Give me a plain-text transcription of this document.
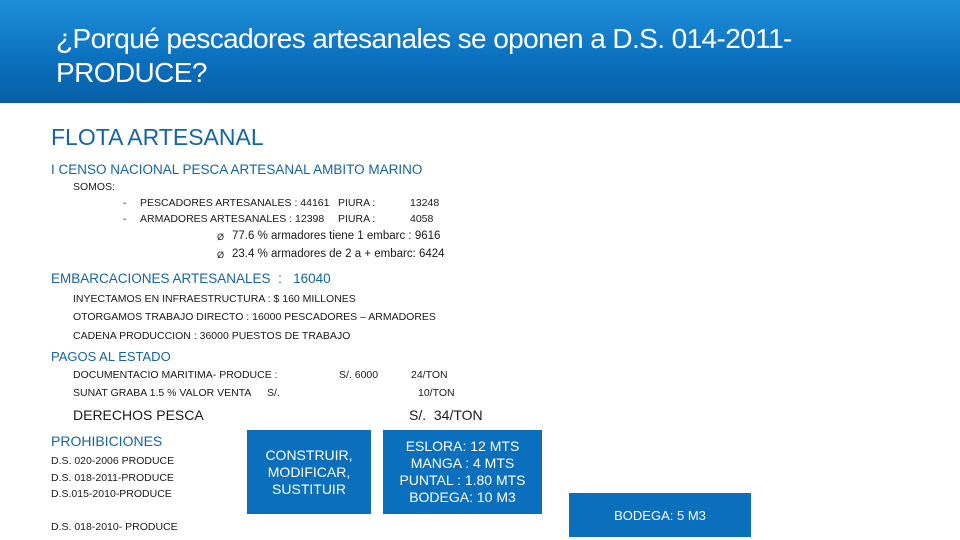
¿Porqué pescadores artesanales se oponen a D.S. 014-2011-PRODUCE?
FLOTA ARTESANAL
I CENSO NACIONAL PESCA ARTESANAL AMBITO MARINO
SOMOS:
- PESCADORES ARTESANALES : 44161 PIURA :	13248
- ARMADORES ARTESANALES : 12398 PIURA :	4058
Ø 77.6 % armadores tiene 1 embarc : 9616
Ø 23.4 % armadores de 2 a + embarc: 6424
EMBARCACIONES ARTESANALES  :   16040
INYECTAMOS EN INFRAESTRUCTURA : $ 160 MILLONES
OTORGAMOS TRABAJO DIRECTO : 16000 PESCADORES – ARMADORES
CADENA PRODUCCION : 36000 PUESTOS DE TRABAJO
PAGOS AL ESTADO
DOCUMENTACIO MARITIMA- PRODUCE :	S/. 6000	24/TON
SUNAT GRABA 1.5 % VALOR VENTA S/.	10/TON
DERECHOS PESCA	S/.  34/TON
PROHIBICIONES
D.S. 020-2006 PRODUCE
D.S. 018-2011-PRODUCE
D.S.015-2010-PRODUCE
D.S. 018-2010- PRODUCE
CONSTRUIR,
MODIFICAR,
SUSTITUIR
ESLORA: 12 MTS
MANGA : 4 MTS
PUNTAL : 1.80 MTS
BODEGA: 10 M3
BODEGA: 5 M3
